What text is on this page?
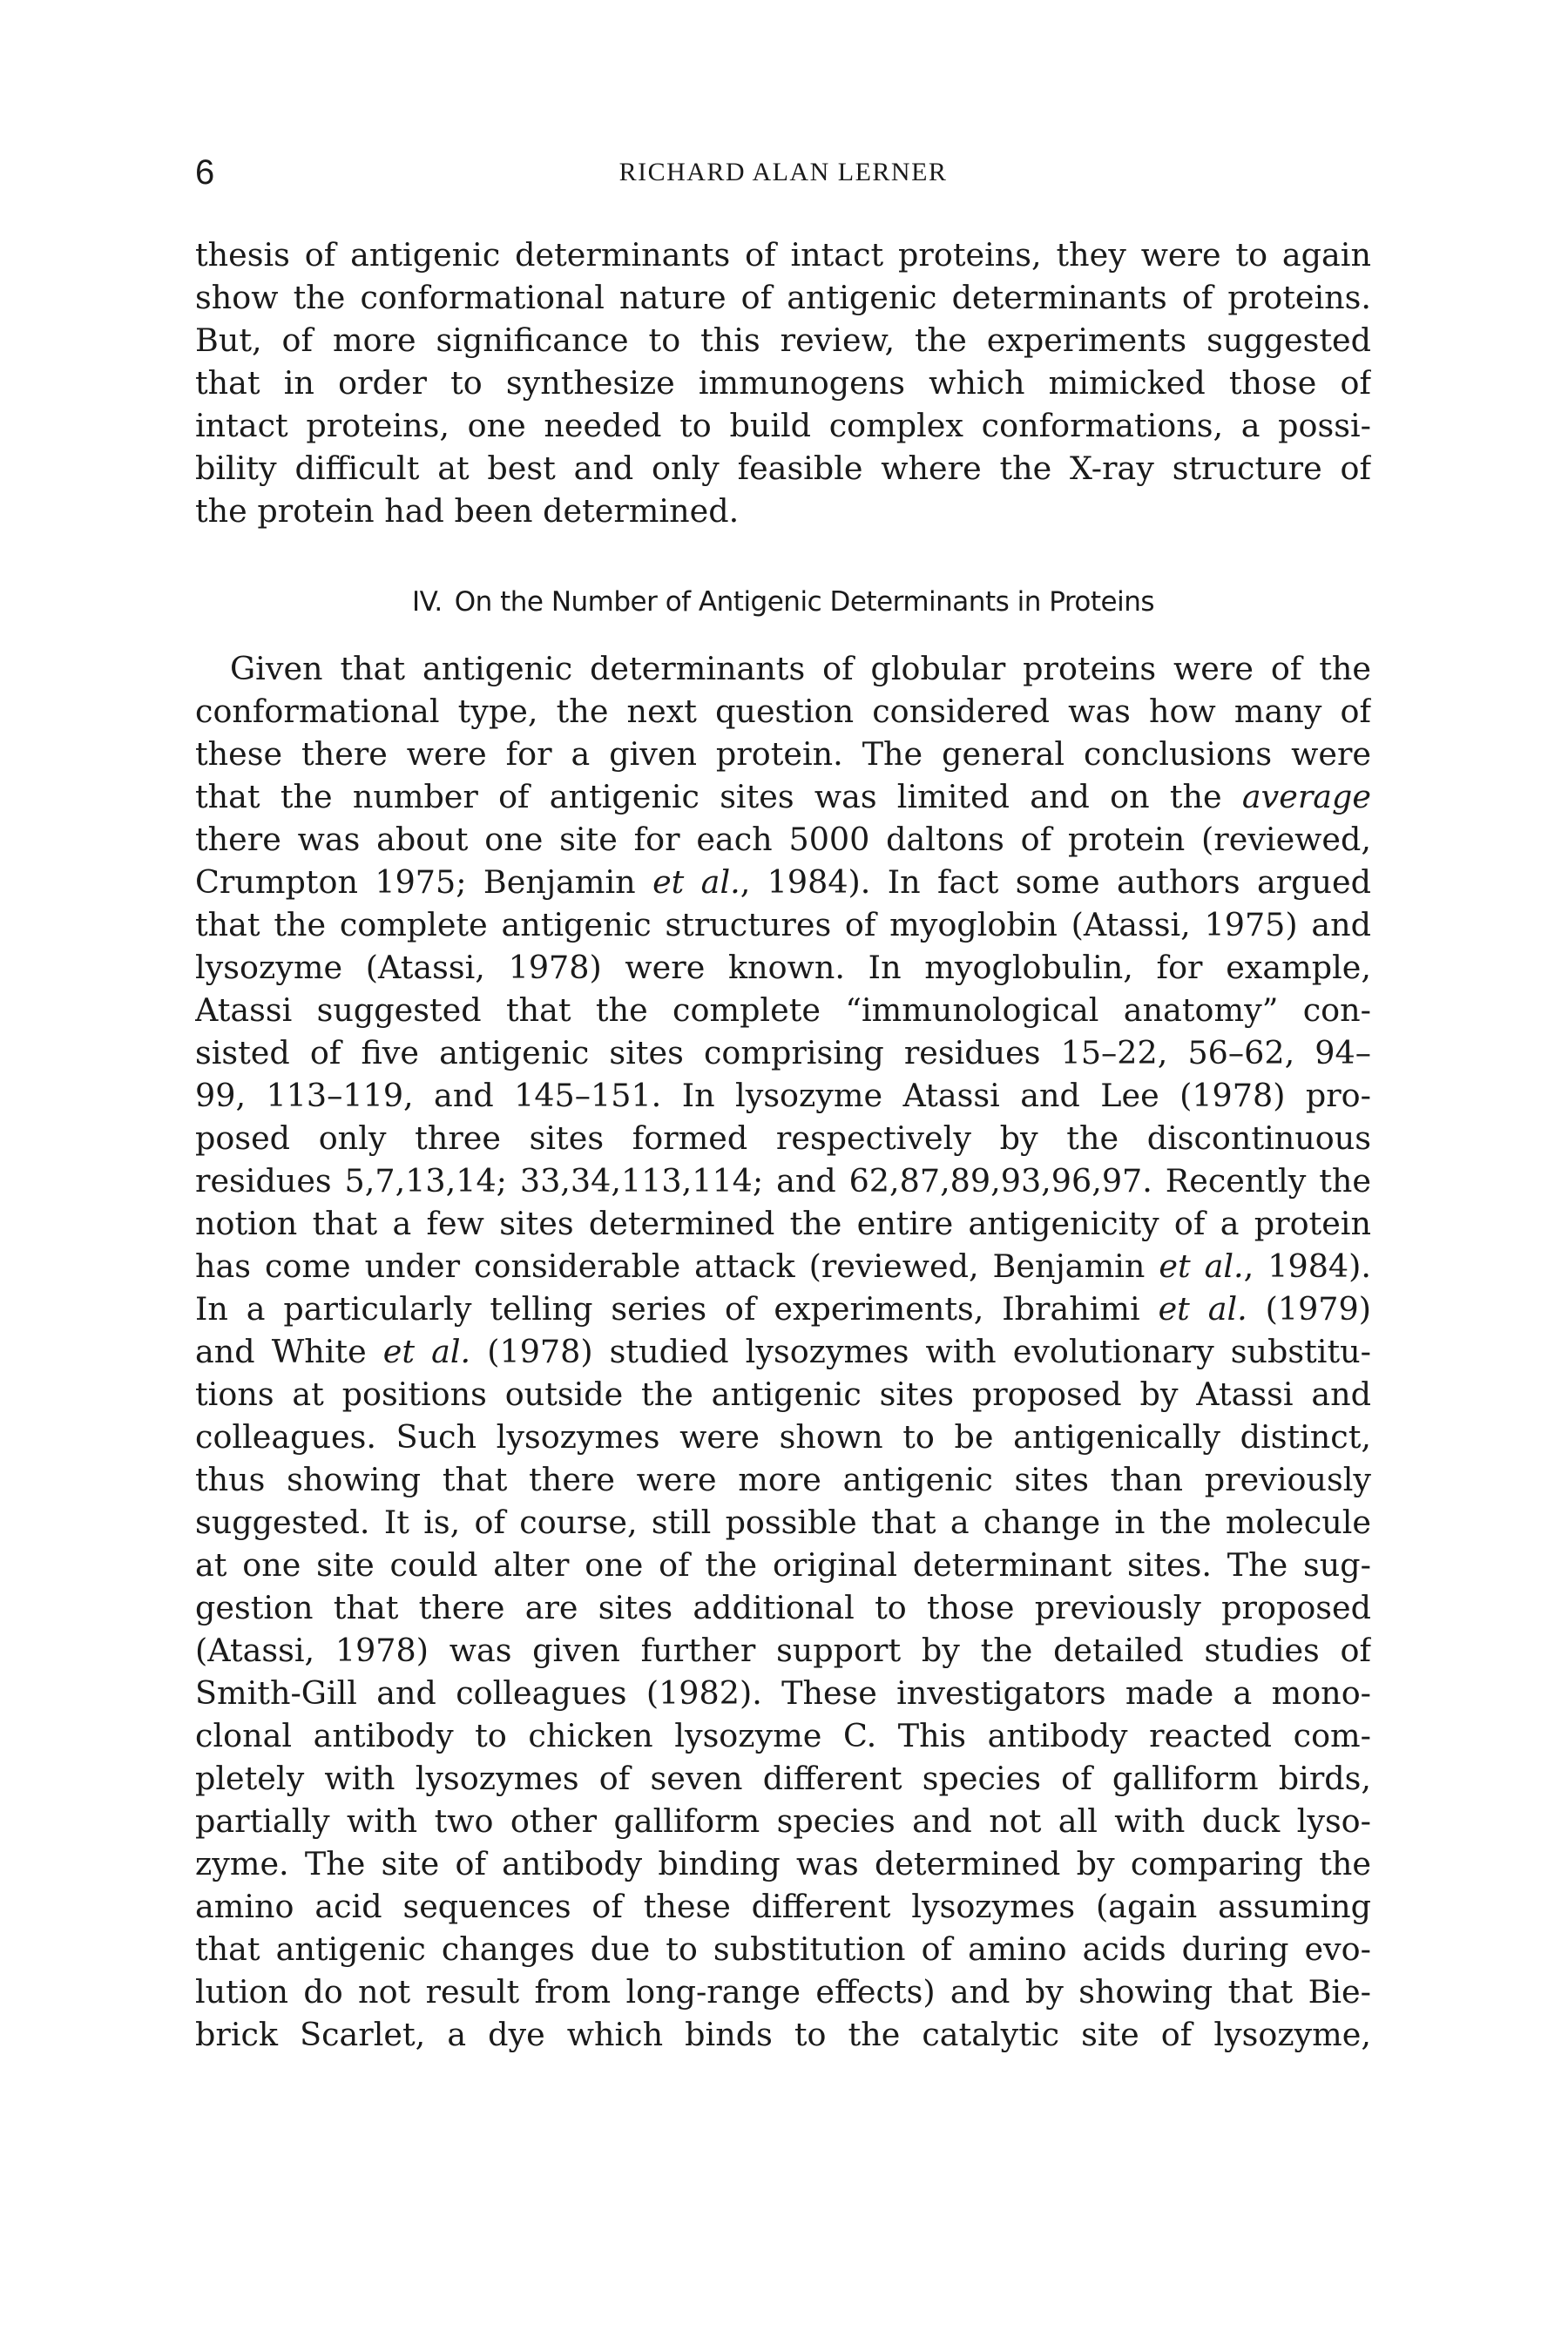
6	RICHARD ALAN LERNER
thesis of antigenic determinants of intact proteins, they were to again
show the conformational nature of antigenic determinants of proteins.
But, of more significance to this review, the experiments suggested
that in order to synthesize immunogens which mimicked those of
intact proteins, one needed to build complex conformations, a possi-
bility difficult at best and only feasible where the X-ray structure of
the protein had been determined.
IV. On the Number of Antigenic Determinants in Proteins
Given that antigenic determinants of globular proteins were of the
conformational type, the next question considered was how many of
these there were for a given protein. The general conclusions were
that the number of antigenic sites was limited and on the average
there was about one site for each 5000 daltons of protein (reviewed,
Crumpton 1975; Benjamin et al., 1984). In fact some authors argued
that the complete antigenic structures of myoglobin (Atassi, 1975) and
lysozyme (Atassi, 1978) were known. In myoglobulin, for example,
Atassi suggested that the complete “immunological anatomy” con-
sisted of five antigenic sites comprising residues 15–22, 56–62, 94–
99, 113–119, and 145–151. In lysozyme Atassi and Lee (1978) pro-
posed only three sites formed respectively by the discontinuous
residues 5,7,13,14; 33,34,113,114; and 62,87,89,93,96,97. Recently the
notion that a few sites determined the entire antigenicity of a protein
has come under considerable attack (reviewed, Benjamin et al., 1984).
In a particularly telling series of experiments, Ibrahimi et al. (1979)
and White et al. (1978) studied lysozymes with evolutionary substitu-
tions at positions outside the antigenic sites proposed by Atassi and
colleagues. Such lysozymes were shown to be antigenically distinct,
thus showing that there were more antigenic sites than previously
suggested. It is, of course, still possible that a change in the molecule
at one site could alter one of the original determinant sites. The sug-
gestion that there are sites additional to those previously proposed
(Atassi, 1978) was given further support by the detailed studies of
Smith-Gill and colleagues (1982). These investigators made a mono-
clonal antibody to chicken lysozyme C. This antibody reacted com-
pletely with lysozymes of seven different species of galliform birds,
partially with two other galliform species and not all with duck lyso-
zyme. The site of antibody binding was determined by comparing the
amino acid sequences of these different lysozymes (again assuming
that antigenic changes due to substitution of amino acids during evo-
lution do not result from long-range effects) and by showing that Bie-
brick Scarlet, a dye which binds to the catalytic site of lysozyme,
